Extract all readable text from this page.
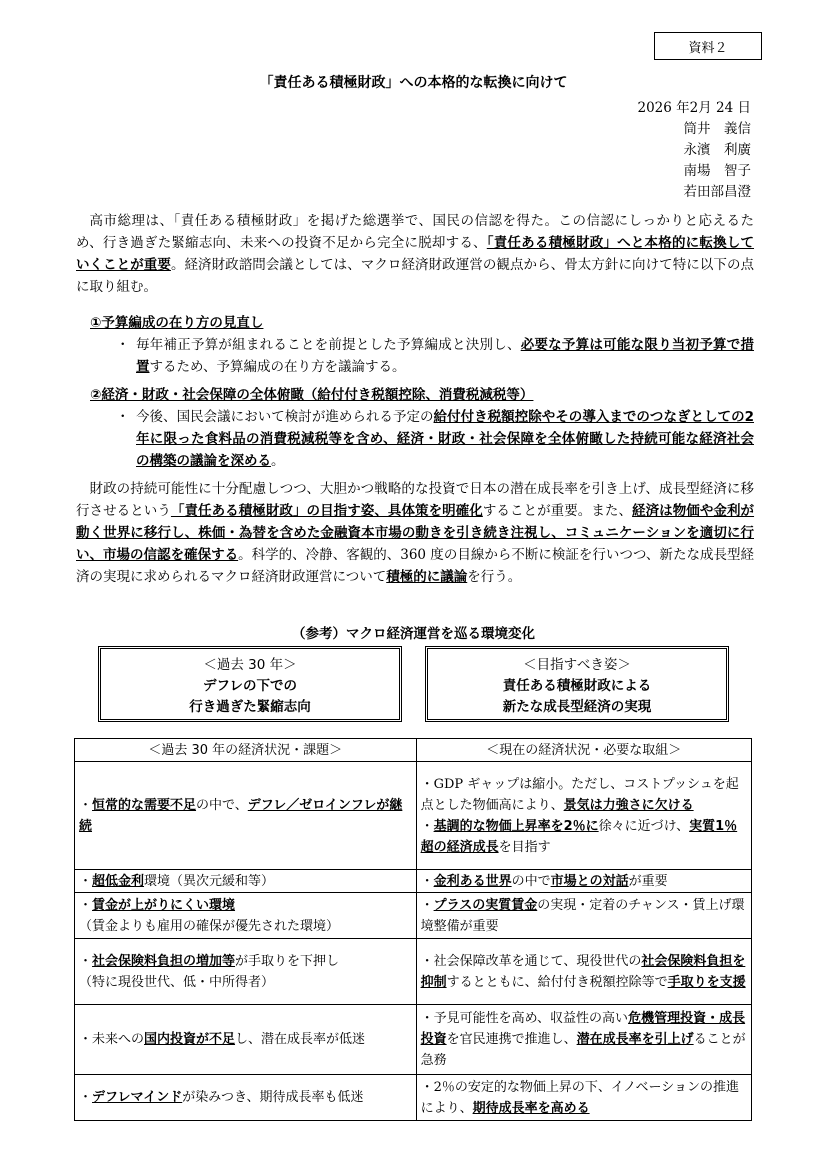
資料２
「責任ある積極財政」への本格的な転換に向けて
2026 年2月 24 日
筒井　義信
永濱　利廣
南場　智子
若田部昌澄

高市総理は、「責任ある積極財政」を掲げた総選挙で、国民の信認を得た。この信認にしっかりと応えるため、行き過ぎた緊縮志向、未来への投資不足から完全に脱却する、「責任ある積極財政」へと本格的に転換していくことが重要。経済財政諮問会議としては、マクロ経済財政運営の観点から、骨太方針に向けて特に以下の点に取り組む。

①予算編成の在り方の見直し
・ 毎年補正予算が組まれることを前提とした予算編成と決別し、必要な予算は可能な限り当初予算で措置するため、予算編成の在り方を議論する。
②経済・財政・社会保障の全体俯瞰（給付付き税額控除、消費税減税等）
・ 今後、国民会議において検討が進められる予定の給付付き税額控除やその導入までのつなぎとしての2年に限った食料品の消費税減税等を含め、経済・財政・社会保障を全体俯瞰した持続可能な経済社会の構築の議論を深める。

財政の持続可能性に十分配慮しつつ、大胆かつ戦略的な投資で日本の潜在成長率を引き上げ、成長型経済に移行させるという「責任ある積極財政」の目指す姿、具体策を明確化することが重要。また、経済は物価や金利が動く世界に移行し、株価・為替を含めた金融資本市場の動きを引き続き注視し、コミュニケーションを適切に行い、市場の信認を確保する。科学的、冷静、客観的、360 度の目線から不断に検証を行いつつ、新たな成長型経済の実現に求められるマクロ経済財政運営について積極的に議論を行う。

（参考）マクロ経済運営を巡る環境変化
＜過去 30 年＞
デフレの下での
行き過ぎた緊縮志向
＜目指すべき姿＞
責任ある積極財政による
新たな成長型経済の実現
＜過去 30 年の経済状況・課題＞	＜現在の経済状況・必要な取組＞
・恒常的な需要不足の中で、デフレ／ゼロインフレが継続	・GDP ギャップは縮小。ただし、コストプッシュを起点とした物価高により、景気は力強さに欠ける
・基調的な物価上昇率を2％に徐々に近づけ、実質1％超の経済成長を目指す
・超低金利環境（異次元緩和等）	・金利ある世界の中で市場との対話が重要
・賃金が上がりにくい環境
（賃金よりも雇用の確保が優先された環境）	・プラスの実質賃金の実現・定着のチャンス・賃上げ環境整備が重要
・社会保険料負担の増加等が手取りを下押し
（特に現役世代、低・中所得者）	・社会保障改革を通じて、現役世代の社会保険料負担を抑制するとともに、給付付き税額控除等で手取りを支援
・未来への国内投資が不足し、潜在成長率が低迷	・予見可能性を高め、収益性の高い危機管理投資・成長投資を官民連携で推進し、潜在成長率を引上げることが急務
・デフレマインドが染みつき、期待成長率も低迷	・2％の安定的な物価上昇の下、イノベーションの推進により、期待成長率を高める
